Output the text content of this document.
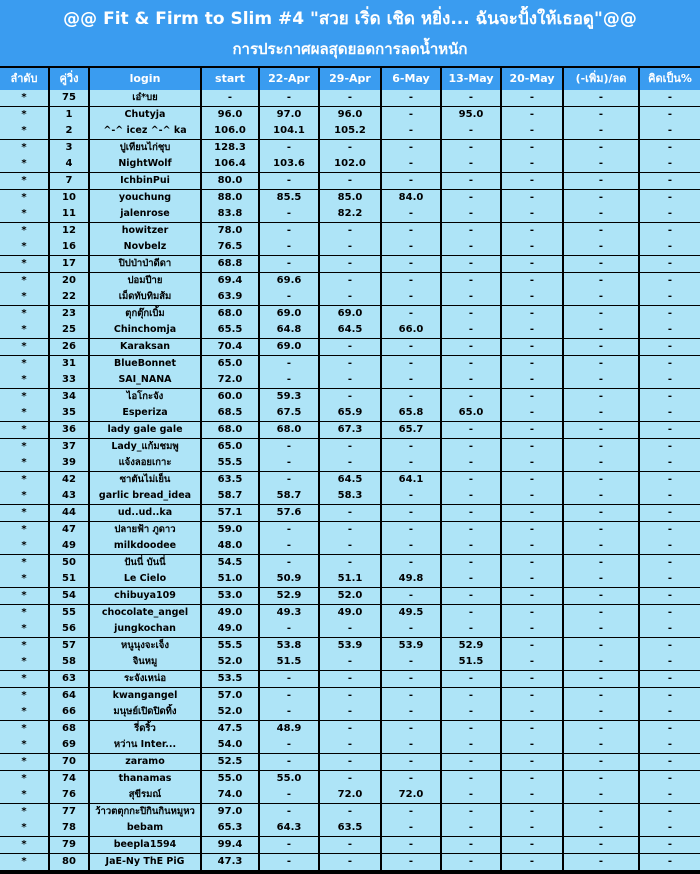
@@ Fit & Firm to Slim #4 "สวย เริ่ด เชิด หยิ่ง... ฉันจะปั้งให้เธอดู"@@
การประกาศผลสุดยอดการลดน้ำหนัก
ลำดับ	คู่วิ่ง	login	start	22-Apr	29-Apr	6-May	13-May	20-May	(-เพิ่ม)/ลด	คิดเป็น%
*	75	เอ๋*บย	-	-	-	-	-	-	-	-
*	1	Chutyja	96.0	97.0	96.0	-	95.0	-	-	-
*	2	^-^ icez ^-^ ka	106.0	104.1	105.2	-	-	-	-	-
*	3	ปูเทียนไก่ชุบ	128.3	-	-	-	-	-	-	-
*	4	NightWolf	106.4	103.6	102.0	-	-	-	-	-
*	7	IchbinPui	80.0	-	-	-	-	-	-	-
*	10	youchung	88.0	85.5	85.0	84.0	-	-	-	-
*	11	jalenrose	83.8	-	82.2	-	-	-	-	-
*	12	howitzer	78.0	-	-	-	-	-	-	-
*	16	Novbelz	76.5	-	-	-	-	-	-	-
*	17	ปิปป่าป่าดีดา	68.8	-	-	-	-	-	-	-
*	20	ปอมปีาย	69.4	69.6	-	-	-	-	-	-
*	22	เม็ดทับทิมส้ม	63.9	-	-	-	-	-	-	-
*	23	ตุกตุ๊กเบิ้ม	68.0	69.0	69.0	-	-	-	-	-
*	25	Chinchomja	65.5	64.8	64.5	66.0	-	-	-	-
*	26	Karaksan	70.4	69.0	-	-	-	-	-	-
*	31	BlueBonnet	65.0	-	-	-	-	-	-	-
*	33	SAI_NANA	72.0	-	-	-	-	-	-	-
*	34	ไอโกะจัง	60.0	59.3	-	-	-	-	-	-
*	35	Esperiza	68.5	67.5	65.9	65.8	65.0	-	-	-
*	36	lady gale gale	68.0	68.0	67.3	65.7	-	-	-	-
*	37	Lady_แก้มชมพู	65.0	-	-	-	-	-	-	-
*	39	แจ้งลอยเกาะ	55.5	-	-	-	-	-	-	-
*	42	ซาตันไม่เย็น	63.5	-	64.5	64.1	-	-	-	-
*	43	garlic bread_idea	58.7	58.7	58.3	-	-	-	-	-
*	44	ud..ud..ka	57.1	57.6	-	-	-	-	-	-
*	47	ปลายฟ้า ภูดาว	59.0	-	-	-	-	-	-	-
*	49	milkdoodee	48.0	-	-	-	-	-	-	-
*	50	ปันนี่ บันนี่	54.5	-	-	-	-	-	-	-
*	51	Le Cielo	51.0	50.9	51.1	49.8	-	-	-	-
*	54	chibuya109	53.0	52.9	52.0	-	-	-	-	-
*	55	chocolate_angel	49.0	49.3	49.0	49.5	-	-	-	-
*	56	jungkochan	49.0	-	-	-	-	-	-	-
*	57	หนูนุงจะเจ็ง	55.5	53.8	53.9	53.9	52.9	-	-	-
*	58	จินหมู	52.0	51.5	-	-	51.5	-	-	-
*	63	ระจังเหน่อ	53.5	-	-	-	-	-	-	-
*	64	kwangangel	57.0	-	-	-	-	-	-	-
*	66	มนุษย์เปิดปิดทิ้ง	52.0	-	-	-	-	-	-	-
*	68	รี่ดริ้ว	47.5	48.9	-	-	-	-	-	-
*	69	หว่าน Inter...	54.0	-	-	-	-	-	-	-
*	70	zaramo	52.5	-	-	-	-	-	-	-
*	74	thanamas	55.0	55.0	-	-	-	-	-	-
*	76	สุขีรมณ์	74.0	-	72.0	72.0	-	-	-	-
*	77	ว้าวตตุกกะปิกินกินหมูหว	97.0	-	-	-	-	-	-	-
*	78	bebam	65.3	64.3	63.5	-	-	-	-	-
*	79	beepla1594	99.4	-	-	-	-	-	-	-
*	80	JaE-Ny ThE PiG	47.3	-	-	-	-	-	-	-
